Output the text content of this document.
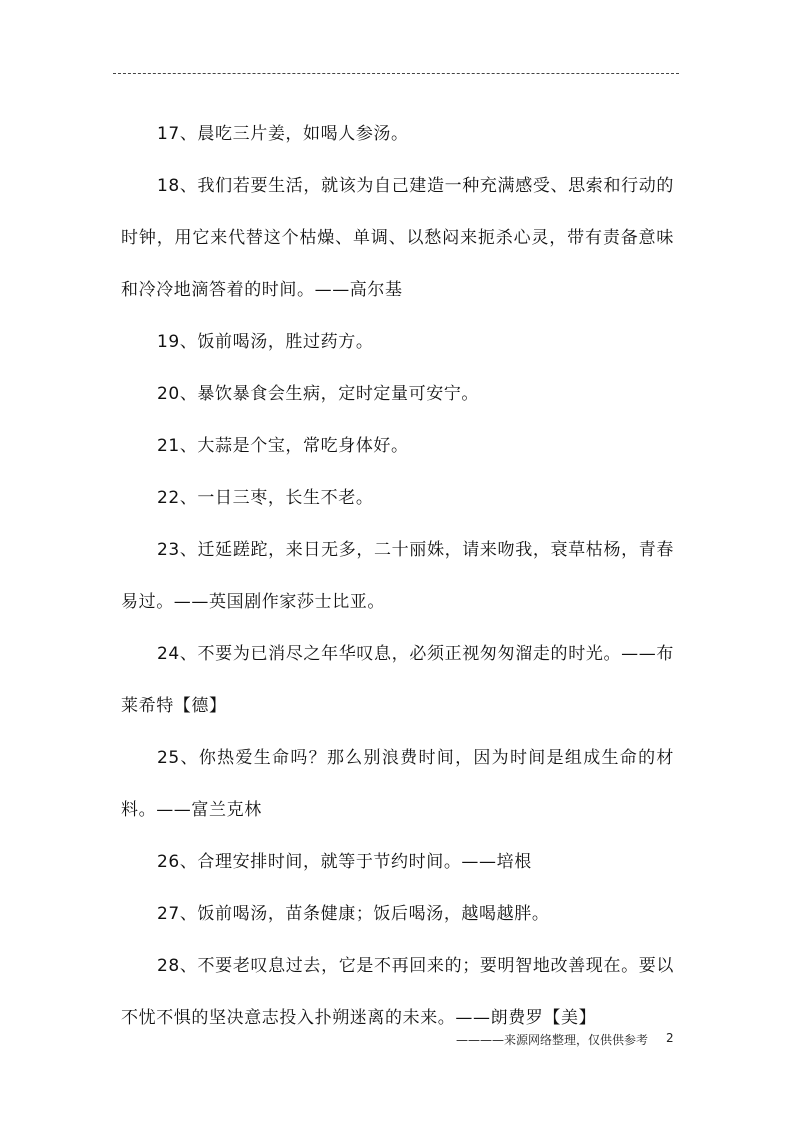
17、晨吃三片姜，如喝人参汤。

18、我们若要生活，就该为自己建造一种充满感受、思索和行动的时钟，用它来代替这个枯燥、单调、以愁闷来扼杀心灵，带有责备意味和冷冷地滴答着的时间。——高尔基

19、饭前喝汤，胜过药方。

20、暴饮暴食会生病，定时定量可安宁。

21、大蒜是个宝，常吃身体好。

22、一日三枣，长生不老。

23、迁延蹉跎，来日无多，二十丽姝，请来吻我，衰草枯杨，青春易过。——英国剧作家莎士比亚。

24、不要为已消尽之年华叹息，必须正视匆匆溜走的时光。——布莱希特【德】

25、你热爱生命吗？那么别浪费时间，因为时间是组成生命的材料。——富兰克林

26、合理安排时间，就等于节约时间。——培根

27、饭前喝汤，苗条健康；饭后喝汤，越喝越胖。

28、不要老叹息过去，它是不再回来的；要明智地改善现在。要以不忧不惧的坚决意志投入扑朔迷离的未来。——朗费罗【美】

————来源网络整理，仅供供参考 2
